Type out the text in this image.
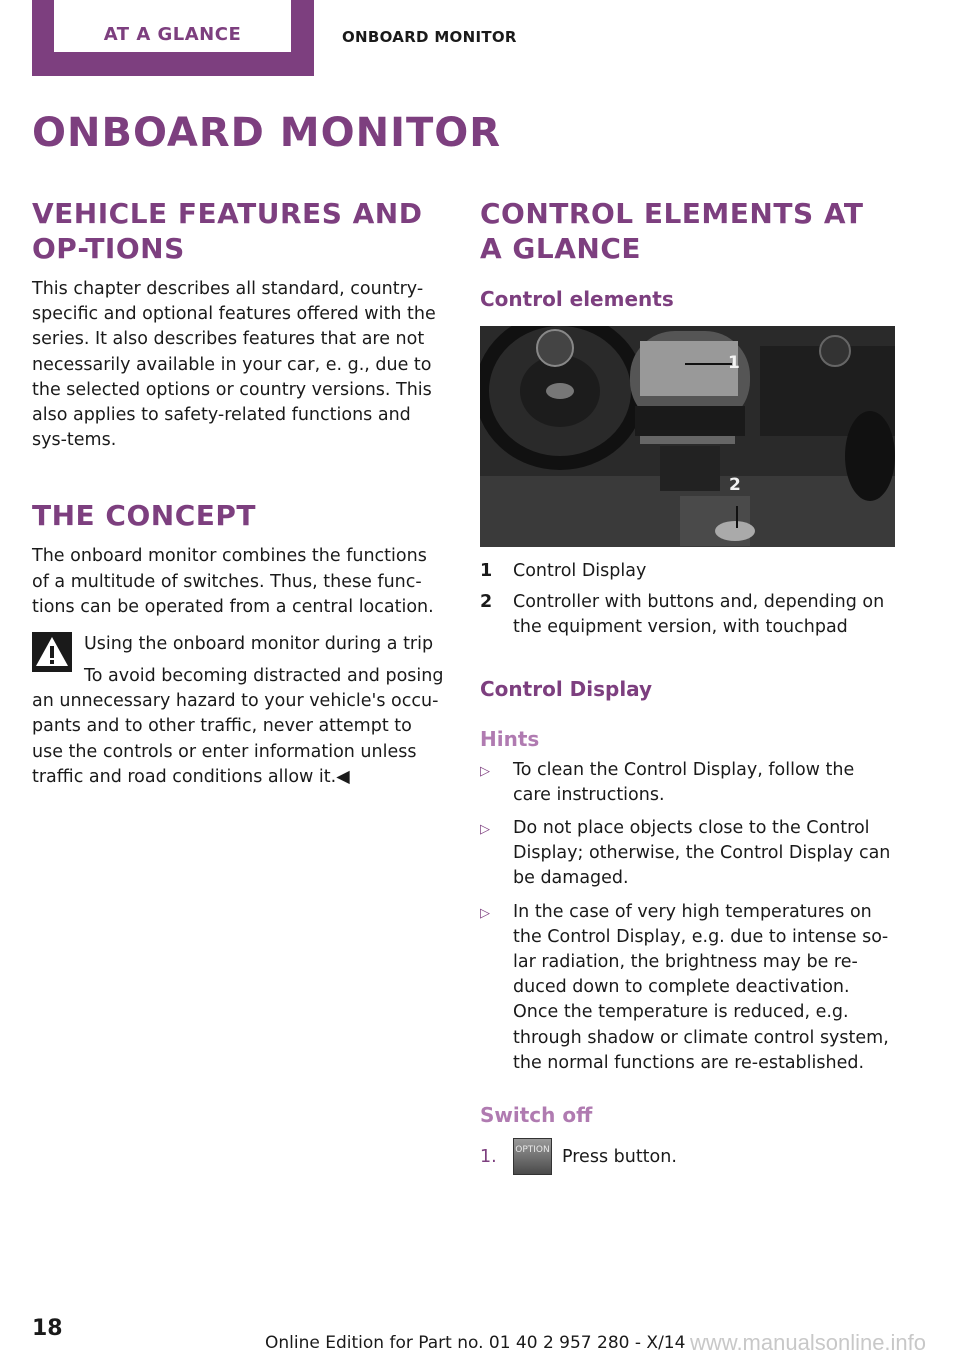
AT A GLANCE	ONBOARD MONITOR
ONBOARD MONITOR
VEHICLE FEATURES AND OP‐TIONS

This chapter describes all standard, country-specific and optional features offered with the series. It also describes features that are not necessarily available in your car, e. g., due to the selected options or country versions. This also applies to safety-related functions and sys‐tems.

THE CONCEPT

The onboard monitor combines the functions of a multitude of switches. Thus, these func‐tions can be operated from a central location.

Using the onboard monitor during a trip
To avoid becoming distracted and posing an unnecessary hazard to your vehicle's occu‐pants and to other traffic, never attempt to use the controls or enter information unless traffic and road conditions allow it.◀
CONTROL ELEMENTS AT A GLANCE
Control elements
1
2
1	Control Display
2	Controller with buttons and, depending on the equipment version, with touchpad
Control Display
Hints
▷	To clean the Control Display, follow the care instructions.
▷	Do not place objects close to the Control Display; otherwise, the Control Display can be damaged.
▷	In the case of very high temperatures on the Control Display, e.g. due to intense so‐lar radiation, the brightness may be re‐duced down to complete deactivation. Once the temperature is reduced, e.g. through shadow or climate control system, the normal functions are re-established.
Switch off
1.	OPTION Press button.
18
Online Edition for Part no. 01 40 2 957 280 - X/14 www.manualsonline.info
